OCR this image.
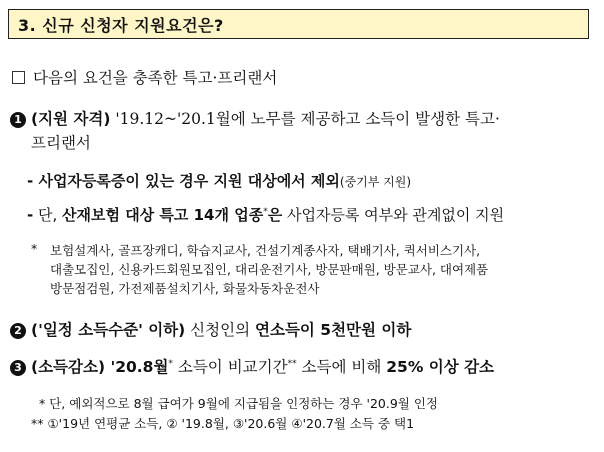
3. 신규 신청자 지원요건은?
다음의 요건을 충족한 특고·프리랜서
1 (지원 자격) '19.12~'20.1월에 노무를 제공하고 소득이 발생한 특고·
프리랜서
- 사업자등록증이 있는 경우 지원 대상에서 제외(중기부 지원)
- 단, 산재보험 대상 특고 14개 업종*은 사업자등록 여부와 관계없이 지원
* 보험설계사, 골프장캐디, 학습지교사, 건설기계종사자, 택배기사, 퀵서비스기사,
대출모집인, 신용카드회원모집인, 대리운전기사, 방문판매원, 방문교사, 대여제품
방문점검원, 가전제품설치기사, 화물차동차운전사
2 ('일정 소득수준' 이하) 신청인의 연소득이 5천만원 이하
3 (소득감소) '20.8월* 소득이 비교기간** 소득에 비해 25% 이상 감소
* 단, 예외적으로 8월 급여가 9월에 지급됨을 인정하는 경우 '20.9월 인정
** ①'19년 연평균 소득, ② '19.8월, ③'20.6월 ④'20.7월 소득 중 택1
